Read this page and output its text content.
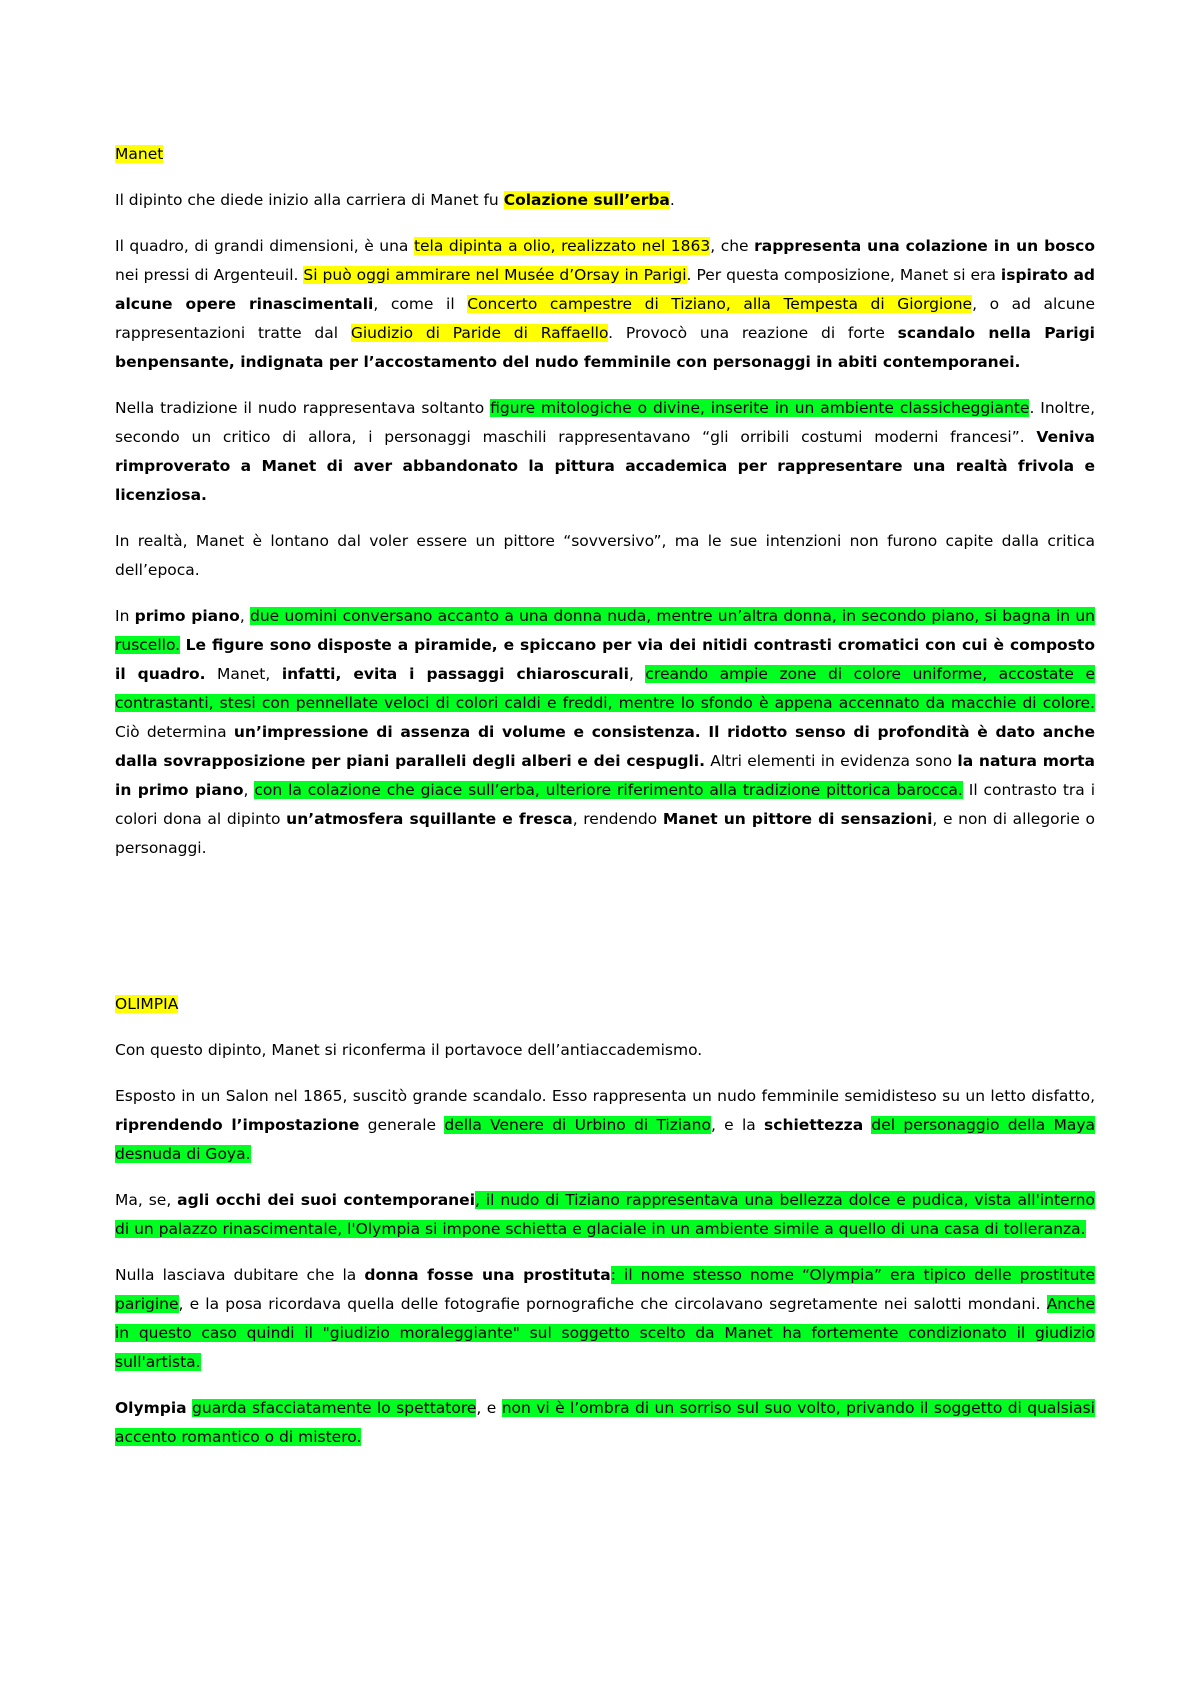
Manet

Il dipinto che diede inizio alla carriera di Manet fu Colazione sull’erba.

Il quadro, di grandi dimensioni, è una tela dipinta a olio, realizzato nel 1863, che rappresenta una colazione in un bosco nei pressi di Argenteuil. Si può oggi ammirare nel Musée d’Orsay in Parigi. Per questa composizione, Manet si era ispirato ad alcune opere rinascimentali, come il Concerto campestre di Tiziano, alla Tempesta di Giorgione, o ad alcune rappresentazioni tratte dal Giudizio di Paride di Raffaello. Provocò una reazione di forte scandalo nella Parigi benpensante, indignata per l’accostamento del nudo femminile con personaggi in abiti contemporanei.

Nella tradizione il nudo rappresentava soltanto figure mitologiche o divine, inserite in un ambiente classicheggiante. Inoltre, secondo un critico di allora, i personaggi maschili rappresentavano “gli orribili costumi moderni francesi”. Veniva rimproverato a Manet di aver abbandonato la pittura accademica per rappresentare una realtà frivola e licenziosa.

In realtà, Manet è lontano dal voler essere un pittore “sovversivo”, ma le sue intenzioni non furono capite dalla critica dell’epoca.

In primo piano, due uomini conversano accanto a una donna nuda, mentre un’altra donna, in secondo piano, si bagna in un ruscello. Le figure sono disposte a piramide, e spiccano per via dei nitidi contrasti cromatici con cui è composto il quadro. Manet, infatti, evita i passaggi chiaroscurali, creando ampie zone di colore uniforme, accostate e contrastanti, stesi con pennellate veloci di colori caldi e freddi, mentre lo sfondo è appena accennato da macchie di colore. Ciò determina un’impressione di assenza di volume e consistenza. Il ridotto senso di profondità è dato anche dalla sovrapposizione per piani paralleli degli alberi e dei cespugli. Altri elementi in evidenza sono la natura morta in primo piano, con la colazione che giace sull’erba, ulteriore riferimento alla tradizione pittorica barocca. Il contrasto tra i colori dona al dipinto un’atmosfera squillante e fresca, rendendo Manet un pittore di sensazioni, e non di allegorie o personaggi.

OLIMPIA

Con questo dipinto, Manet si riconferma il portavoce dell’antiaccademismo.

Esposto in un Salon nel 1865, suscitò grande scandalo. Esso rappresenta un nudo femminile semidisteso su un letto disfatto, riprendendo l’impostazione generale della Venere di Urbino di Tiziano, e la schiettezza del personaggio della Maya desnuda di Goya.

Ma, se, agli occhi dei suoi contemporanei, il nudo di Tiziano rappresentava una bellezza dolce e pudica, vista all'interno di un palazzo rinascimentale, l'Olympia si impone schietta e glaciale in un ambiente simile a quello di una casa di tolleranza.

Nulla lasciava dubitare che la donna fosse una prostituta: il nome stesso nome “Olympia” era tipico delle prostitute parigine, e la posa ricordava quella delle fotografie pornografiche che circolavano segretamente nei salotti mondani. Anche in questo caso quindi il "giudizio moraleggiante" sul soggetto scelto da Manet ha fortemente condizionato il giudizio sull'artista.

Olympia guarda sfacciatamente lo spettatore, e non vi è l’ombra di un sorriso sul suo volto, privando il soggetto di qualsiasi accento romantico o di mistero.
